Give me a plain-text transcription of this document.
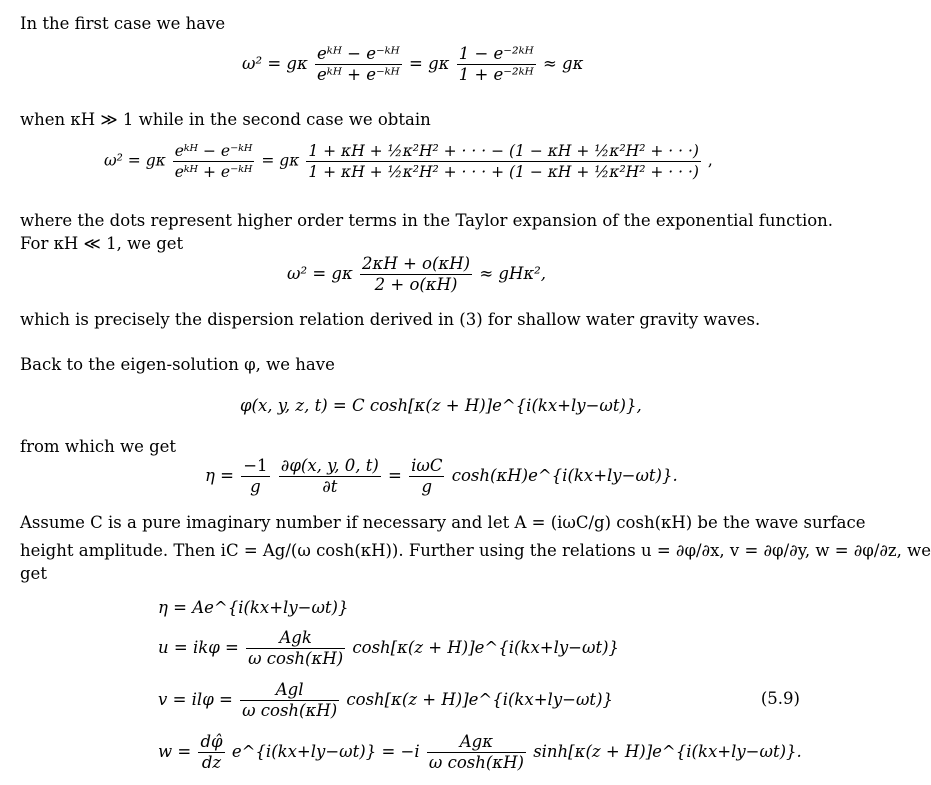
In the first case we have
ω² = gκ $\frac{\text{eᵏᴴ − e⁻ᵏᴴ}}{\text{eᵏᴴ + e⁻ᵏᴴ}} = g\kappa \frac{\text{1 − e⁻²ᵏᴴ}}{\text{1 + e⁻²ᵏᴴ}} \approx g\kappa$
when κH ≫ 1 while in the second case we obtain
ω² = gκ $\frac{\text{eᵏᴴ − e⁻ᵏᴴ}}{\text{eᵏᴴ + e⁻ᵏᴴ}} = g\kappa \frac{\text{1 + κH + ½κ²H² + · · · − (1 − κH + ½κ²H² + · · ·)}}{\text{1 + κH + ½κ²H² + · · · + (1 − κH + ½κ²H² + · · ·)}}$ ,
where the dots represent higher order terms in the Taylor expansion of the exponential function.
For κH ≪ 1, we get
ω² = gκ $\frac{2\kappa H + o(\kappa H)}{2 + o(\kappa H)} \approx gH\kappa^2$,
which is precisely the dispersion relation derived in (3) for shallow water gravity waves.
Back to the eigen-solution φ, we have
φ(x, y, z, t) = C cosh[κ(z + H)]e^{i(kx+ly−ωt)},
from which we get
$\eta = \frac{-1}{g}$
$\frac{\partial\varphi(x, y, 0, t)}{\partial t} = \frac{\text{iωC}}{g}$ cosh(κH)e^{i(kx+ly−ωt)}.
Assume C is a pure imaginary number if necessary and let A = (iωC/g) cosh(κH) be the wave surface
height amplitude. Then iC = Ag/(ω cosh(κH)). Further using the relations u = ∂φ/∂x, v = ∂φ/∂y, w = ∂φ/∂z, we
get
η = Ae^{i(kx+ly−ωt)}
$u = ik\varphi = \frac{\text{Agk}}{\text{ω cosh(κH)}} \cosh[\kappa(z$ + H)]e^{i(kx+ly−ωt)}
$v = il\varphi = \frac{\text{Agl}}{\text{ω cosh(κH)}} \cosh[\kappa(z$ + H)]e^{i(kx+ly−ωt)}	(5.9)
$w = \frac{d\varphî}{dz}$ e^{i(kx+ly−ωt)} = $-i \frac{\text{Agκ}}{\text{ω cosh(κH)}} \sinh[\kappa(z$ + H)]e^{i(kx+ly−ωt)}.
